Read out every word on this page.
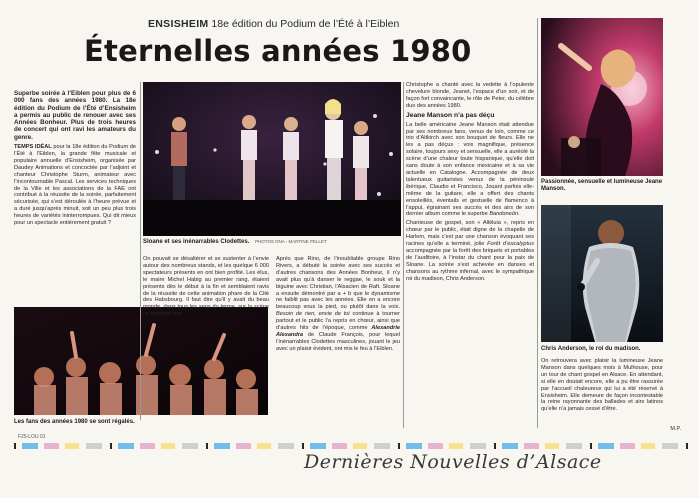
ENSISHEIM 18e édition du Podium de l’Été à l’Eiblen
Éternelles années 1980
Passionnée, sensuelle et lumineuse Jeane Manson.
Chris Anderson, le roi du madison.
Sloane et ses inénarrables Clodettes. PHOTOS DNA - MARTINE PELLET
Les fans des années 1980 se sont régalés.

Superbe soirée à l’Eiblen pour plus de 6 000 fans des années 1980. La 18e édition du Podium de l’Été d’Ensisheim a permis au public de renouer avec ses Années Bonheur. Plus de trois heures de concert qui ont ravi les amateurs du genre.

TEMPS IDÉAL pour la 18e édition du Podium de l’Été à l’Eiblen, la grande fête musicale et populaire annuelle d’Ensisheim, organisée par Daudey Animations et concoctée par l’adjoint et chanteur Christophe Sturm, animateur avec l’incontournable Pascal. Les services techniques de la Ville et les associations de la FAE ont contribué à la réussite de la soirée, parfaitement sécurisée, qui s’est déroulée à l’heure prévue et a duré jusqu’après minuit, soit un peu plus trois heures de variétés ininterrompues. Qui dit mieux pour un spectacle entièrement gratuit ?

On pouvait se désaltérer et se sustenter à l’envie autour des nombreux stands, et les quelque 6 000 spectateurs présents en ont bien profité. Les élus, le maire Michel Habig au premier rang, étaient présents dès le début à la fin et semblaient ravis de la réussite de cette animation phare de la Cité des Habsbourg. Il faut dire qu’il y avait du beau monde, dans tous les sens du terme, sur la scène ce vendredi soir.

Après que Rino, de l’inoubliable groupe Rino Rivers, a débuté la soirée avec ses succès et d’autres chansons des Années Bonheur, il n’y avait plus qu’à danser le reggae, le souk et la biguine avec Christian, l’Alsacien de Raft. Sloane a ensuite démontré par a + b que le dynamisme ne faiblit pas avec les années. Elle en a encore beaucoup sous la pied, ou plutôt dans la voix. Besoin de rien, envie de toi continue à tourner partout et le public l’a repris en chœur, ainsi que d’autres hits de l’époque, comme Alexandrie Alexandra de Claude François, pour lequel l’inénarrables Clodettes masculines, jouant le jeu avec un plaisir évident, ont mis le feu à l’Eiblen.

Christophe a chanté avec la vedette à l’opulente chevelure blonde, Jeanet, l’espace d’un soir, et de façon fort convaincante, le rôle de Peter, du célèbre duo des années 1980.

Jeane Manson n’a pas déçu

La belle américaine Jeane Manson était attendue par ses nombreux fans, venus de loin, comme ce trio d’Altkirch avec son bouquet de fleurs. Elle ne les a pas déçus : voix magnifique, présence solaire, toujours sexy et sensuelle, elle a auréolé la scène d’une chaleur toute hispanique, qu’elle doit sans doute à son enfance mexicaine et à sa vie actuelle en Catalogne. Accompagnée de deux talentueux guitaristes venus de la péninsule ibérique, Claudio et Francisco, Jouant parfois elle-même de la guitare, elle a offert des chants ensoleillés, éventails et gestuelle de flamenco à l’appui, égrainant ses succès et des airs de son dernier album comme le superbe Bandoneón.

Chanteuse de gospel, son « Alléluia », repris en chœur par le public, était digne de la chapelle de Harlem, mais c’est par une chanson évoquant ses racines qu’elle a terminé, jolie Forêt d’eucalyptus accompagnée par la forêt des briquets et portables de l’auditoire, à l’instar du chant pour la paix de Sloane. La soirée s’est achevée en danses et chansons au rythme infernal, avec le sympathique roi du madison, Chris Anderson.

On retrouvera avec plaisir la lumineuse Jeane Manson dans quelques mois à Mulhouse, pour un tour de chant gospel en Alsace. En attendant, si elle en doutait encore, elle a pu être rassurée par l’accueil chaleureux qui lui a été réservé à Ensisheim. Elle demeure de façon incontestable la reine rayonnante des ballades et airs latinos qu’elle n’a jamais cessé d’être.

M.P.
F25-LOU 01
Dernières Nouvelles d’Alsace
